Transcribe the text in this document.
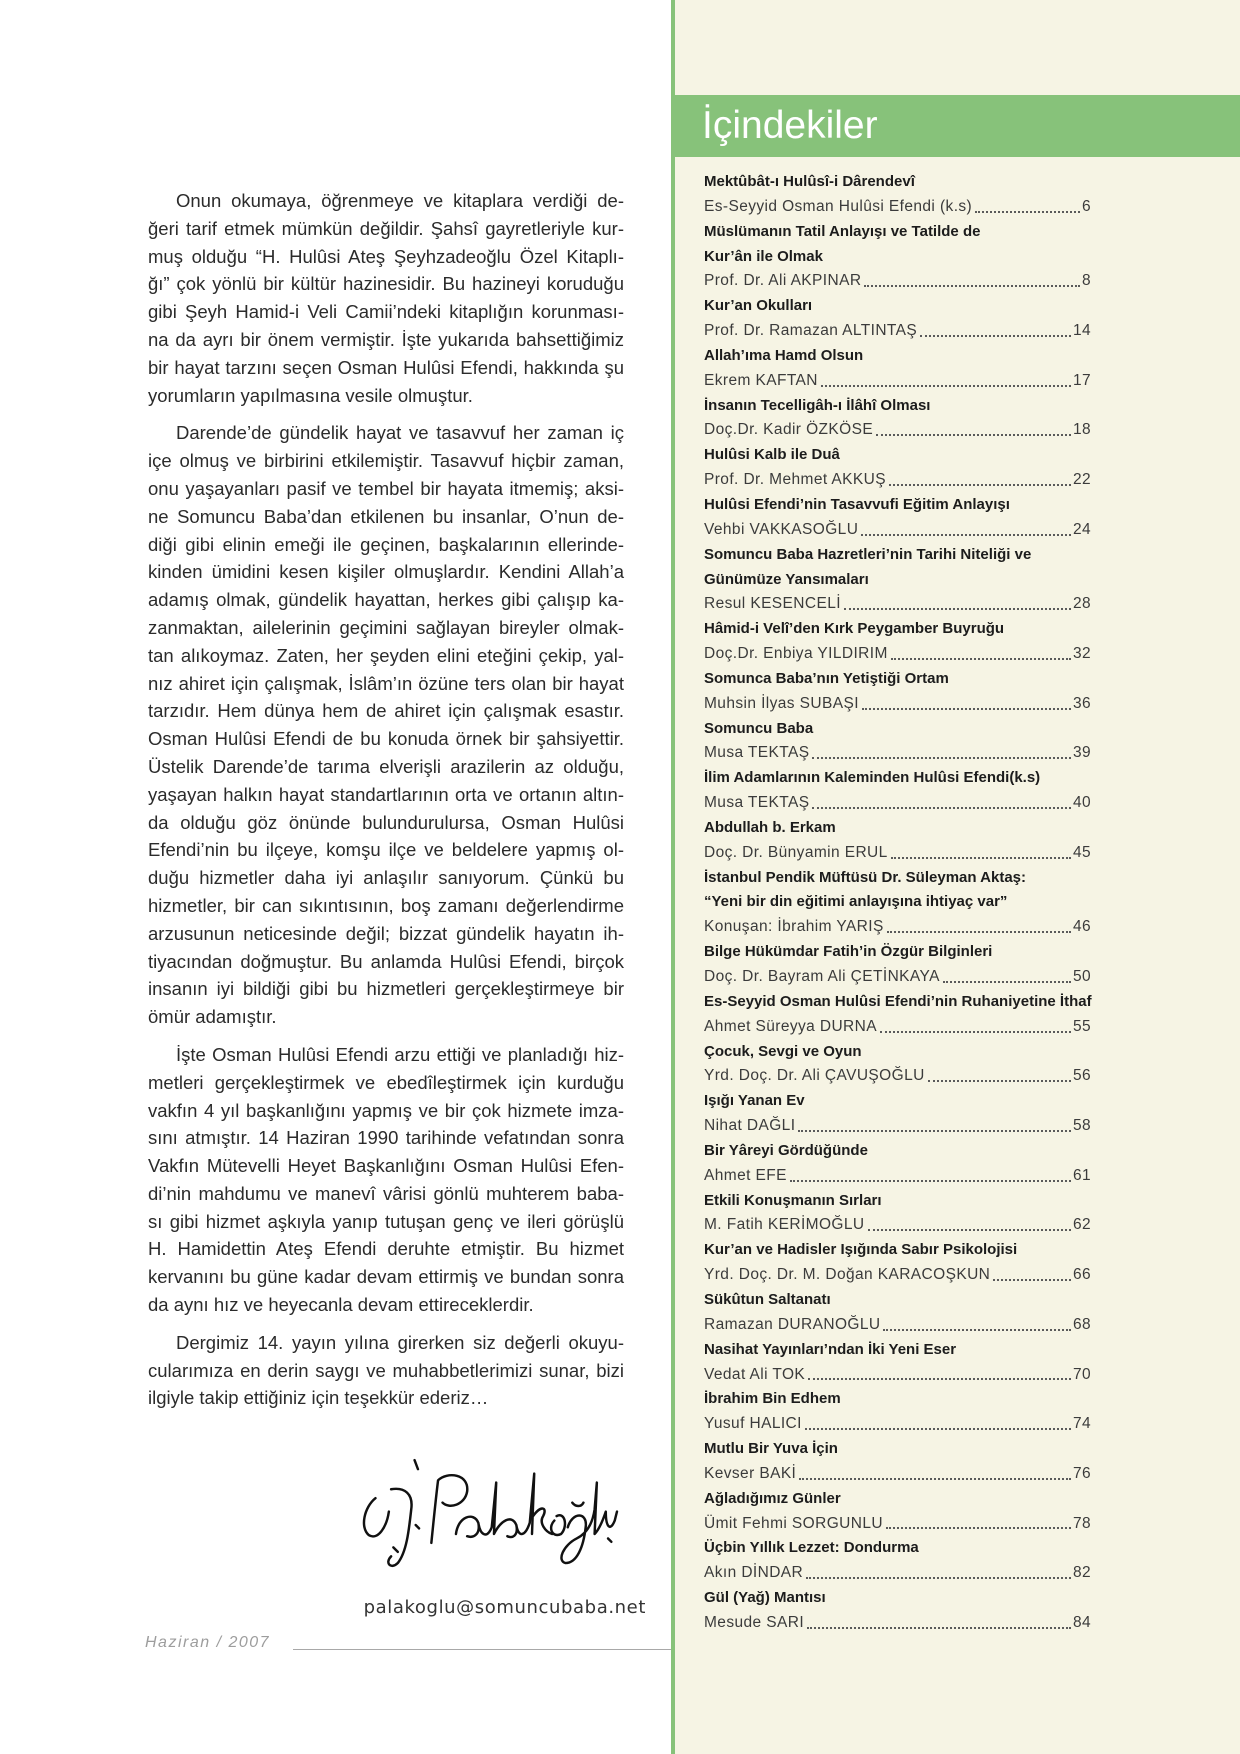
Onun okumaya, öğrenmeye ve kitaplara verdiği de-
ğeri tarif etmek mümkün değildir. Şahsî gayretleriyle kur-
muş olduğu “H. Hulûsi Ateş Şeyhzadeoğlu Özel Kitaplı-
ğı” çok yönlü bir kültür hazinesidir. Bu hazineyi koruduğu
gibi Şeyh Hamid-i Veli Camii’ndeki kitaplığın korunması-
na da ayrı bir önem vermiştir. İşte yukarıda bahsettiğimiz
bir hayat tarzını seçen Osman Hulûsi Efendi, hakkında şu
yorumların yapılmasına vesile olmuştur.
Darende’de gündelik hayat ve tasavvuf her zaman iç
içe olmuş ve birbirini etkilemiştir. Tasavvuf hiçbir zaman,
onu yaşayanları pasif ve tembel bir hayata itmemiş; aksi-
ne Somuncu Baba’dan etkilenen bu insanlar, O’nun de-
diği gibi elinin emeği ile geçinen, başkalarının ellerinde-
kinden ümidini kesen kişiler olmuşlardır. Kendini Allah’a
adamış olmak, gündelik hayattan, herkes gibi çalışıp ka-
zanmaktan, ailelerinin geçimini sağlayan bireyler olmak-
tan alıkoymaz. Zaten, her şeyden elini eteğini çekip, yal-
nız ahiret için çalışmak, İslâm’ın özüne ters olan bir hayat
tarzıdır. Hem dünya hem de ahiret için çalışmak esastır.
Osman Hulûsi Efendi de bu konuda örnek bir şahsiyettir.
Üstelik Darende’de tarıma elverişli arazilerin az olduğu,
yaşayan halkın hayat standartlarının orta ve ortanın altın-
da olduğu göz önünde bulundurulursa, Osman Hulûsi
Efendi’nin bu ilçeye, komşu ilçe ve beldelere yapmış ol-
duğu hizmetler daha iyi anlaşılır sanıyorum. Çünkü bu
hizmetler, bir can sıkıntısının, boş zamanı değerlendirme
arzusunun neticesinde değil; bizzat gündelik hayatın ih-
tiyacından doğmuştur. Bu anlamda Hulûsi Efendi, birçok
insanın iyi bildiği gibi bu hizmetleri gerçekleştirmeye bir
ömür adamıştır.
İşte Osman Hulûsi Efendi arzu ettiği ve planladığı hiz-
metleri gerçekleştirmek ve ebedîleştirmek için kurduğu
vakfın 4 yıl başkanlığını yapmış ve bir çok hizmete imza-
sını atmıştır. 14 Haziran 1990 tarihinde vefatından sonra
Vakfın Mütevelli Heyet Başkanlığını Osman Hulûsi Efen-
di’nin mahdumu ve manevî vârisi gönlü muhterem baba-
sı gibi hizmet aşkıyla yanıp tutuşan genç ve ileri görüşlü
H. Hamidettin Ateş Efendi deruhte etmiştir. Bu hizmet
kervanını bu güne kadar devam ettirmiş ve bundan sonra
da aynı hız ve heyecanla devam ettireceklerdir.
Dergimiz 14. yayın yılına girerken siz değerli okuyu-
cularımıza en derin saygı ve muhabbetlerimizi sunar, bizi
ilgiyle takip ettiğiniz için teşekkür ederiz…
palakoglu@somuncubaba.net
Haziran / 2007
İçindekiler
Mektûbât-ı Hulûsî-i Dârendevî
Es-Seyyid Osman Hulûsi Efendi (k.s)	6
Müslümanın Tatil Anlayışı ve Tatilde de
Kur’ân ile Olmak
Prof. Dr. Ali AKPINAR	8
Kur’an Okulları
Prof. Dr. Ramazan ALTINTAŞ	14
Allah’ıma Hamd Olsun
Ekrem KAFTAN	17
İnsanın Tecelligâh-ı İlâhî Olması
Doç.Dr. Kadir ÖZKÖSE	18
Hulûsi Kalb ile Duâ
Prof. Dr. Mehmet AKKUŞ	22
Hulûsi Efendi’nin Tasavvufi Eğitim Anlayışı
Vehbi VAKKASOĞLU	24
Somuncu Baba Hazretleri’nin Tarihi Niteliği ve
Günümüze Yansımaları
Resul KESENCELİ	28
Hâmid-i Velî’den Kırk Peygamber Buyruğu
Doç.Dr. Enbiya YILDIRIM	32
Somunca Baba’nın Yetiştiği Ortam
Muhsin İlyas SUBAŞI	36
Somuncu Baba
Musa TEKTAŞ	39
İlim Adamlarının Kaleminden Hulûsi Efendi(k.s)
Musa TEKTAŞ	40
Abdullah b. Erkam
Doç. Dr. Bünyamin ERUL	45
İstanbul Pendik Müftüsü Dr. Süleyman Aktaş:
“Yeni bir din eğitimi anlayışına ihtiyaç var”
Konuşan: İbrahim YARIŞ	46
Bilge Hükümdar Fatih’in Özgür Bilginleri
Doç. Dr. Bayram Ali ÇETİNKAYA	50
Es-Seyyid Osman Hulûsi Efendi’nin Ruhaniyetine İthaf
Ahmet Süreyya DURNA	55
Çocuk, Sevgi ve Oyun
Yrd. Doç. Dr. Ali ÇAVUŞOĞLU	56
Işığı Yanan Ev
Nihat DAĞLI	58
Bir Yâreyi Gördüğünde
Ahmet EFE	61
Etkili Konuşmanın Sırları
M. Fatih KERİMOĞLU	62
Kur’an ve Hadisler Işığında Sabır Psikolojisi
Yrd. Doç. Dr. M. Doğan KARACOŞKUN	66
Sükûtun Saltanatı
Ramazan DURANOĞLU	68
Nasihat Yayınları’ndan İki Yeni Eser
Vedat Ali TOK	70
İbrahim Bin Edhem
Yusuf HALICI	74
Mutlu Bir Yuva İçin
Kevser BAKİ	76
Ağladığımız Günler
Ümit Fehmi SORGUNLU	78
Üçbin Yıllık Lezzet: Dondurma
Akın DİNDAR	82
Gül (Yağ) Mantısı
Mesude SARI	84
